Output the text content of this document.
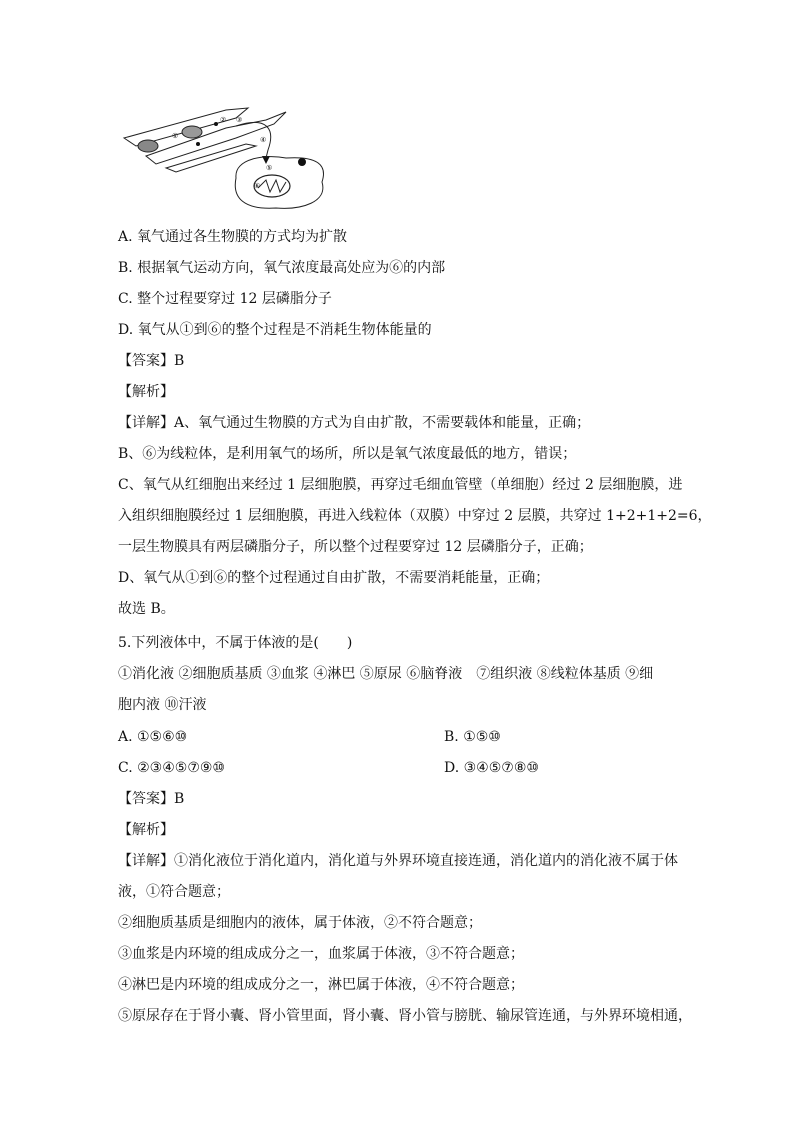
①
② ③
④
⑤
⑥
A. 氧气通过各生物膜的方式均为扩散
B. 根据氧气运动方向，氧气浓度最高处应为⑥的内部
C. 整个过程要穿过 12 层磷脂分子
D. 氧气从①到⑥的整个过程是不消耗生物体能量的
【答案】B
【解析】
【详解】A、氧气通过生物膜的方式为自由扩散，不需要载体和能量，正确；
B、⑥为线粒体，是利用氧气的场所，所以是氧气浓度最低的地方，错误；
C、氧气从红细胞出来经过 1 层细胞膜，再穿过毛细血管壁（单细胞）经过 2 层细胞膜，进
入组织细胞膜经过 1 层细胞膜，再进入线粒体（双膜）中穿过 2 层膜，共穿过 1+2+1+2=6，
一层生物膜具有两层磷脂分子，所以整个过程要穿过 12 层磷脂分子，正确；
D、氧气从①到⑥的整个过程通过自由扩散，不需要消耗能量，正确；
故选 B。
5.下列液体中，不属于体液的是(　　)
①消化液 ②细胞质基质 ③血浆 ④淋巴 ⑤原尿 ⑥脑脊液　⑦组织液 ⑧线粒体基质 ⑨细
胞内液 ⑩汗液
A. ①⑤⑥⑩	B. ①⑤⑩
C. ②③④⑤⑦⑨⑩	D. ③④⑤⑦⑧⑩
【答案】B
【解析】
【详解】①消化液位于消化道内，消化道与外界环境直接连通，消化道内的消化液不属于体
液，①符合题意；
②细胞质基质是细胞内的液体，属于体液，②不符合题意；
③血浆是内环境的组成成分之一，血浆属于体液，③不符合题意；
④淋巴是内环境的组成成分之一，淋巴属于体液，④不符合题意；
⑤原尿存在于肾小囊、肾小管里面，肾小囊、肾小管与膀胱、输尿管连通，与外界环境相通，
